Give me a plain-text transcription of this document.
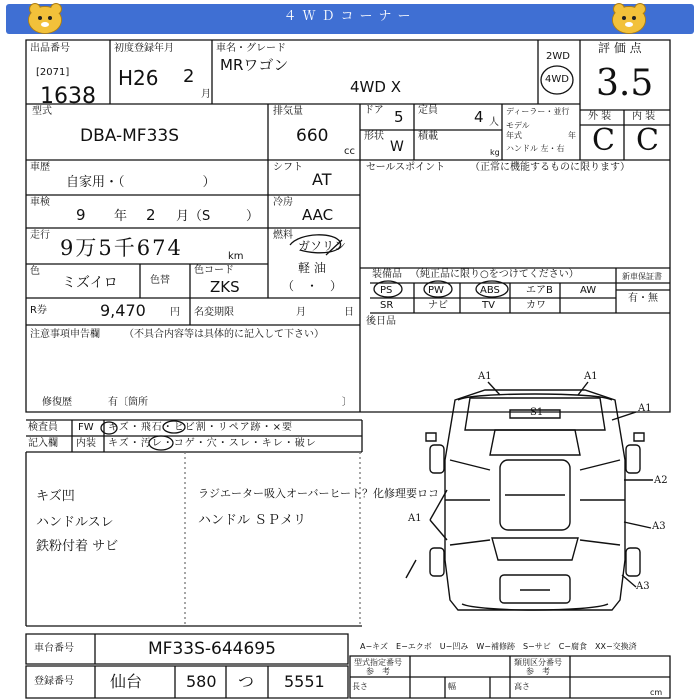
４ＷＤコーナー
出品番号
[2071]
1638
初度登録年月
H26 2
月
車名・グレード
MRワゴン
4WD X
2WD
4WD
評 価 点
3.5
外 装 内 装
C C
型式
DBA-MF33S
排気量
660
cc
ドア 5 定員 4 人
ディーラー・並行
モデル
年式	年
形状
W
積載
kg ハンドル 左・右
車歴
自家用・（　　　　　　）
シフト
AT
車検
9 年 2 月（S	）
冷房
AAC
走行
9万5千674	km
燃料
ガソリン
軽 油
（　・　）
色
ミズイロ	色替
色コード
ZKS
R券	9,470 円 名変期限	月	日
注意事項申告欄 （不具合内容等は具体的に記入して下さい）
修復歴	有〔箇所	〕
検査員 FW キズ・飛石・ヒビ割・リペア跡・×要
記入欄 内装 キズ・汚レ・コゲ・穴・スレ・キレ・破レ
キズ凹
ハンドルスレ
鉄粉付着 サビ
ラジエーター吸入オーバーヒート？化修理要ロコ
ハンドル ＳＰメリ
セールスポイント （正常に機能するものに限ります）
装備品 （純正品に限り○をつけてください）	新車保証書
有・無
PS	PW	ABS	エアB	AW
SR	ナビ	TV	カワ
後日品
A1	A1
A1
S1
A2
A1
A3
A3
車台番号	MF33S-644695
登録番号 仙台	580 つ 5551
A−キズ　E−エクボ　U−凹み　W−補修跡　S−サビ　C−腐食　XX−交換済
型式指定番号
参　考
類別区分番号
参　考
長さ	幅	高さ
cm
